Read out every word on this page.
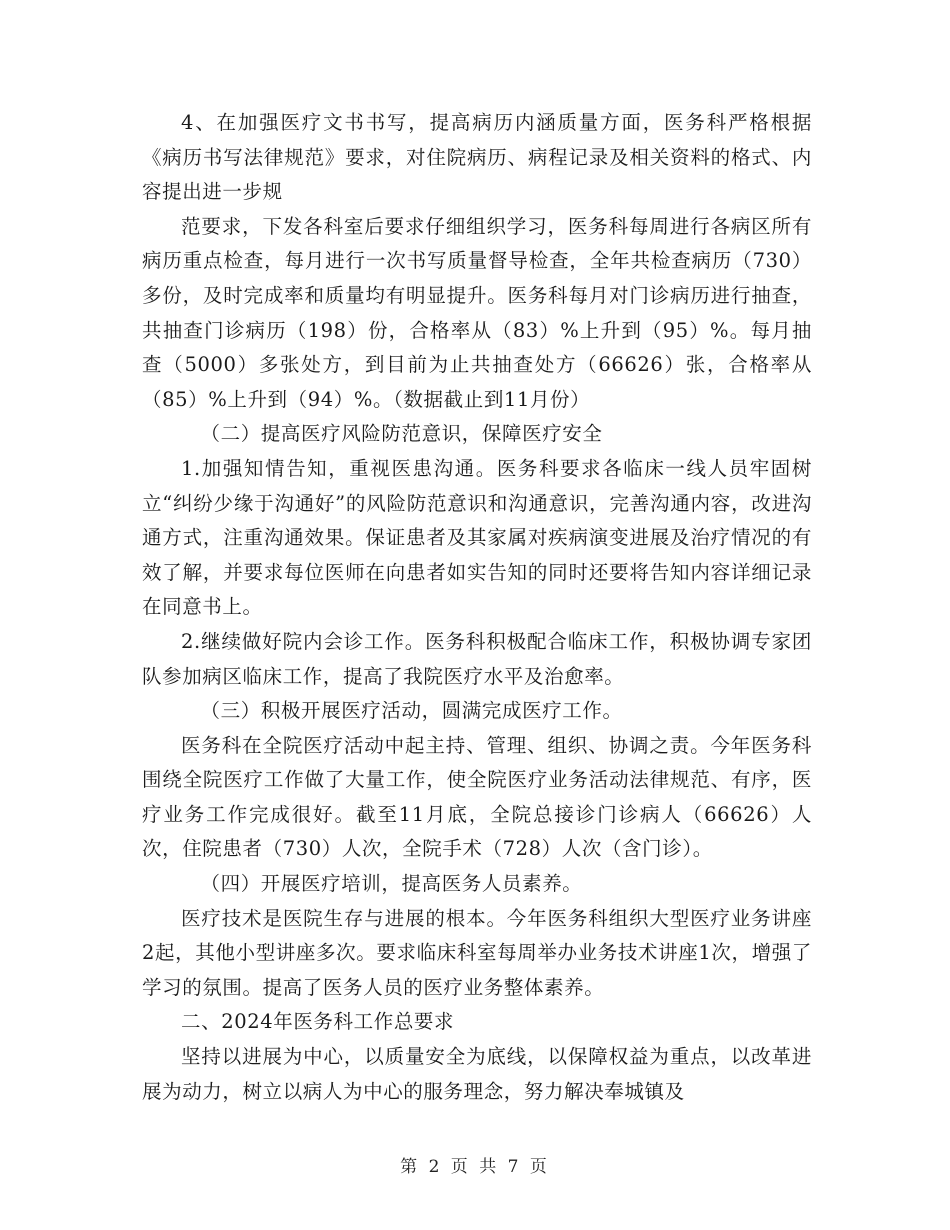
4、在加强医疗文书书写，提高病历内涵质量方面，医务科严格根据《病历书写法律规范》要求，对住院病历、病程记录及相关资料的格式、内容提出进一步规

范要求，下发各科室后要求仔细组织学习，医务科每周进行各病区所有病历重点检查，每月进行一次书写质量督导检查，全年共检查病历（730）多份，及时完成率和质量均有明显提升。医务科每月对门诊病历进行抽查，共抽查门诊病历（198）份，合格率从（83）%上升到（95）%。每月抽查（5000）多张处方，到目前为止共抽查处方（66626）张，合格率从（85）%上升到（94）%。（数据截止到11月份）

（二）提高医疗风险防范意识，保障医疗安全

1.加强知情告知，重视医患沟通。医务科要求各临床一线人员牢固树立“纠纷少缘于沟通好”的风险防范意识和沟通意识，完善沟通内容，改进沟通方式，注重沟通效果。保证患者及其家属对疾病演变进展及治疗情况的有效了解，并要求每位医师在向患者如实告知的同时还要将告知内容详细记录在同意书上。

2.继续做好院内会诊工作。医务科积极配合临床工作，积极协调专家团队参加病区临床工作，提高了我院医疗水平及治愈率。

（三）积极开展医疗活动，圆满完成医疗工作。

医务科在全院医疗活动中起主持、管理、组织、协调之责。今年医务科围绕全院医疗工作做了大量工作，使全院医疗业务活动法律规范、有序，医疗业务工作完成很好。截至11月底，全院总接诊门诊病人（66626）人次，住院患者（730）人次，全院手术（728）人次（含门诊）。

（四）开展医疗培训，提高医务人员素养。

医疗技术是医院生存与进展的根本。今年医务科组织大型医疗业务讲座2起，其他小型讲座多次。要求临床科室每周举办业务技术讲座1次，增强了学习的氛围。提高了医务人员的医疗业务整体素养。

二、2024年医务科工作总要求

坚持以进展为中心，以质量安全为底线，以保障权益为重点，以改革进展为动力，树立以病人为中心的服务理念，努力解决奉城镇及

第 2 页 共 7 页
